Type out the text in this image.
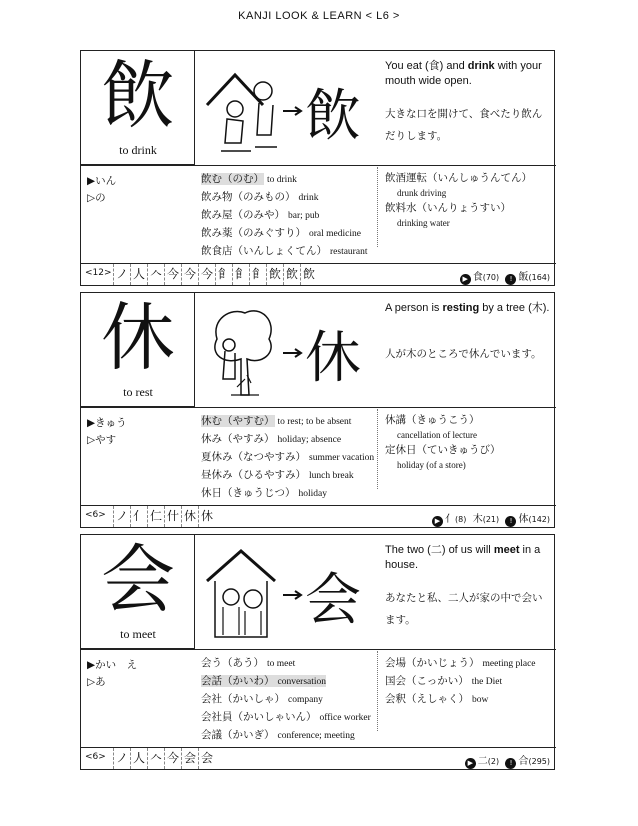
KANJI LOOK & LEARN < L6 >
飲
to drink
飲
You eat (食) and drink with your mouth wide open.
大きな口を開けて、食べたり飲ん
だりします。
▶いん
▷の
飲む（のむ） to drink
飲み物（のみもの） drink
飲み屋（のみや） bar; pub
飲み薬（のみぐすり） oral medicine
飲食店（いんしょくてん） restaurant
飲酒運転（いんしゅうんてん）
drunk driving
飲料水（いんりょうすい）
drinking water
<12> ノ 人 𠆢 今 今 今 𩙿 𩙿 𩙿 飲 飲 飲	▶ 食(70) ! 飯(164)
休
to rest
休
A person is resting by a tree (木).
人が木のところで休んでいます。
▶きゅう
▷やす
休む（やすむ） to rest; to be absent
休み（やすみ） holiday; absence
夏休み（なつやすみ） summer vacation
昼休み（ひるやすみ） lunch break
休日（きゅうじつ） holiday
休講（きゅうこう）
cancellation of lecture
定休日（ていきゅうび）
holiday (of a store)
<6> ノ 亻 仁 什 休 休	▶ 亻(8) 木(21) ! 体(142)
会
to meet
会
The two (二) of us will meet in a house.
あなたと私、二人が家の中で会い
ます。
▶かい　え
▷あ
会う（あう） to meet
会話（かいわ） conversation
会社（かいしゃ） company
会社員（かいしゃいん） office worker
会議（かいぎ） conference; meeting
会場（かいじょう） meeting place
国会（こっかい） the Diet
会釈（えしゃく） bow
<6> ノ 人 𠆢 今 会 会	▶ 二(2) ! 合(295)
